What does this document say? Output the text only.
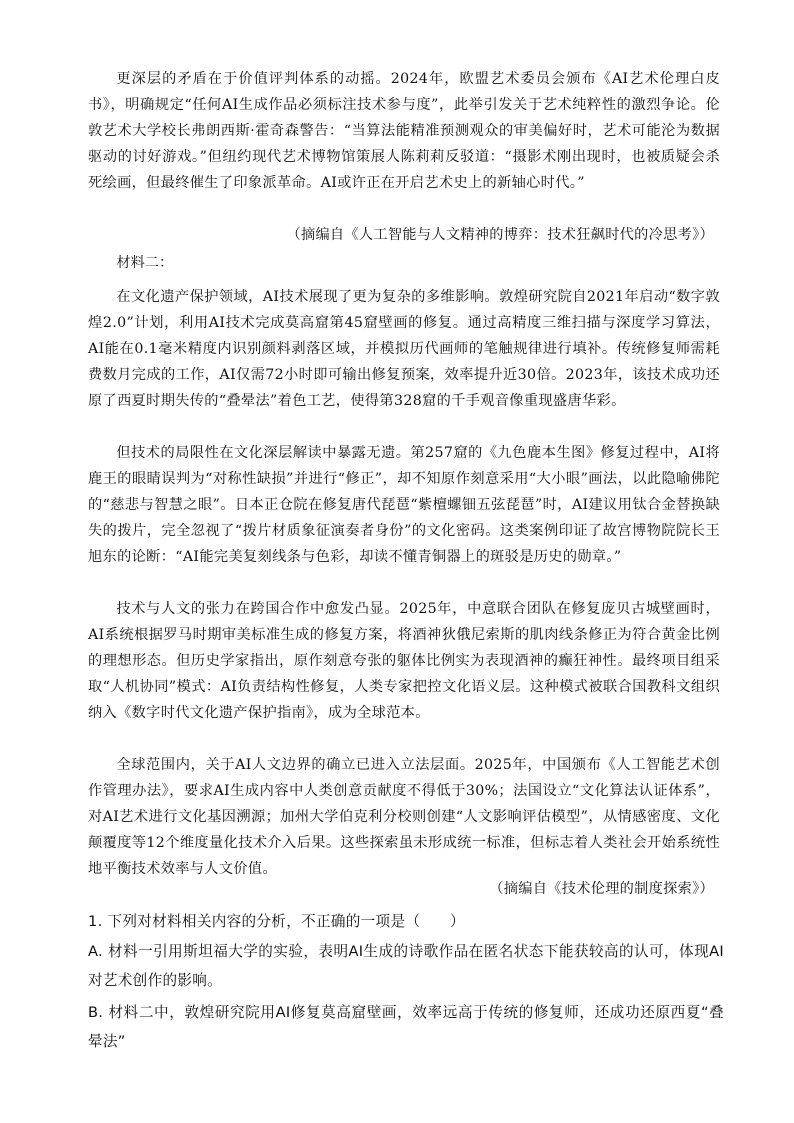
更深层的矛盾在于价值评判体系的动摇。2024年，欧盟艺术委员会颁布《AI艺术伦理白皮书》，明确规定“任何AI生成作品必须标注技术参与度”，此举引发关于艺术纯粹性的激烈争论。伦敦艺术大学校长弗朗西斯·霍奇森警告：“当算法能精准预测观众的审美偏好时，艺术可能沦为数据驱动的讨好游戏。”但纽约现代艺术博物馆策展人陈莉莉反驳道：“摄影术刚出现时，也被质疑会杀死绘画，但最终催生了印象派革命。AI或许正在开启艺术史上的新轴心时代。”

（摘编自《人工智能与人文精神的博弈：技术狂飙时代的冷思考》）

材料二：

在文化遗产保护领域，AI技术展现了更为复杂的多维影响。敦煌研究院自2021年启动“数字敦煌2.0”计划，利用AI技术完成莫高窟第45窟壁画的修复。通过高精度三维扫描与深度学习算法，AI能在0.1毫米精度内识别颜料剥落区域，并模拟历代画师的笔触规律进行填补。传统修复师需耗费数月完成的工作，AI仅需72小时即可输出修复预案，效率提升近30倍。2023年，该技术成功还原了西夏时期失传的“叠晕法”着色工艺，使得第328窟的千手观音像重现盛唐华彩。

但技术的局限性在文化深层解读中暴露无遗。第257窟的《九色鹿本生图》修复过程中，AI将鹿王的眼睛误判为“对称性缺损”并进行“修正”，却不知原作刻意采用“大小眼”画法，以此隐喻佛陀的“慈悲与智慧之眼”。日本正仓院在修复唐代琵琶“紫檀螺钿五弦琵琶”时，AI建议用钛合金替换缺失的拨片，完全忽视了“拨片材质象征演奏者身份”的文化密码。这类案例印证了故宫博物院院长王旭东的论断：“AI能完美复刻线条与色彩，却读不懂青铜器上的斑驳是历史的勋章。”

技术与人文的张力在跨国合作中愈发凸显。2025年，中意联合团队在修复庞贝古城壁画时，AI系统根据罗马时期审美标准生成的修复方案，将酒神狄俄尼索斯的肌肉线条修正为符合黄金比例的理想形态。但历史学家指出，原作刻意夸张的躯体比例实为表现酒神的癫狂神性。最终项目组采取“人机协同”模式：AI负责结构性修复，人类专家把控文化语义层。这种模式被联合国教科文组织纳入《数字时代文化遗产保护指南》，成为全球范本。

全球范围内，关于AI人文边界的确立已进入立法层面。2025年，中国颁布《人工智能艺术创作管理办法》，要求AI生成内容中人类创意贡献度不得低于30%；法国设立“文化算法认证体系”，对AI艺术进行文化基因溯源；加州大学伯克利分校则创建“人文影响评估模型”，从情感密度、文化颠覆度等12个维度量化技术介入后果。这些探索虽未形成统一标准，但标志着人类社会开始系统性地平衡技术效率与人文价值。

（摘编自《技术伦理的制度探索》）

1. 下列对材料相关内容的分析，不正确的一项是（　　）

A. 材料一引用斯坦福大学的实验，表明AI生成的诗歌作品在匿名状态下能获较高的认可，体现AI对艺术创作的影响。

B. 材料二中，敦煌研究院用AI修复莫高窟壁画，效率远高于传统的修复师，还成功还原西夏“叠晕法”
